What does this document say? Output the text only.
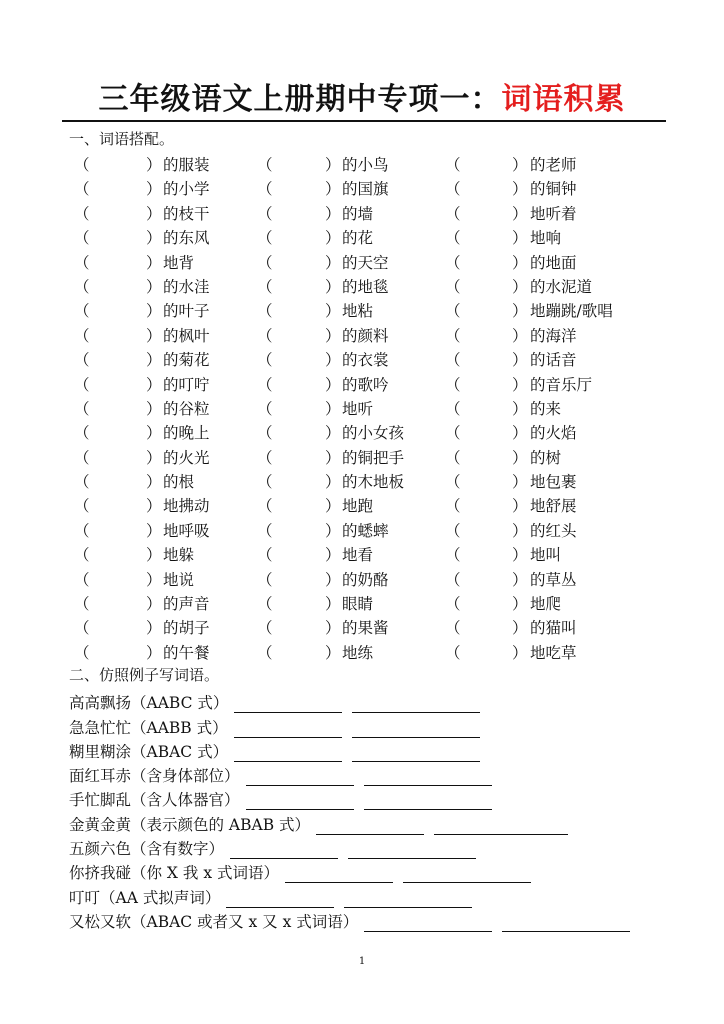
三年级语文上册期中专项一：词语积累
一、词语搭配。
（	） 的服装	（	） 的小鸟	（	） 的老师
（	） 的小学	（	） 的国旗	（	） 的铜钟
（	） 的枝干	（	） 的墙	（	） 地听着
（	） 的东风	（	） 的花	（	） 地响
（	） 地背	（	） 的天空	（	） 的地面
（	） 的水洼	（	） 的地毯	（	） 的水泥道
（	） 的叶子	（	） 地粘	（	） 地蹦跳/歌唱
（	） 的枫叶	（	） 的颜料	（	） 的海洋
（	） 的菊花	（	） 的衣裳	（	） 的话音
（	） 的叮咛	（	） 的歌吟	（	） 的音乐厅
（	） 的谷粒	（	） 地听	（	） 的来
（	） 的晚上	（	） 的小女孩	（	） 的火焰
（	） 的火光	（	） 的铜把手	（	） 的树
（	） 的根	（	） 的木地板	（	） 地包裹
（	） 地拂动	（	） 地跑	（	） 地舒展
（	） 地呼吸	（	） 的蟋蟀	（	） 的红头
（	） 地躲	（	） 地看	（	） 地叫
（	） 地说	（	） 的奶酪	（	） 的草丛
（	） 的声音	（	） 眼睛	（	） 地爬
（	） 的胡子	（	） 的果酱	（	） 的猫叫
（	） 的午餐	（	） 地练	（	） 地吃草
二、仿照例子写词语。
高高飘扬（AABC 式）
急急忙忙（AABB 式）
糊里糊涂（ABAC 式）
面红耳赤（含身体部位）
手忙脚乱（含人体器官）
金黄金黄（表示颜色的 ABAB 式）
五颜六色（含有数字）
你挤我碰（你 X 我 x 式词语）
叮叮（AA 式拟声词）
又松又软（ABAC 或者又 x 又 x 式词语）
1
